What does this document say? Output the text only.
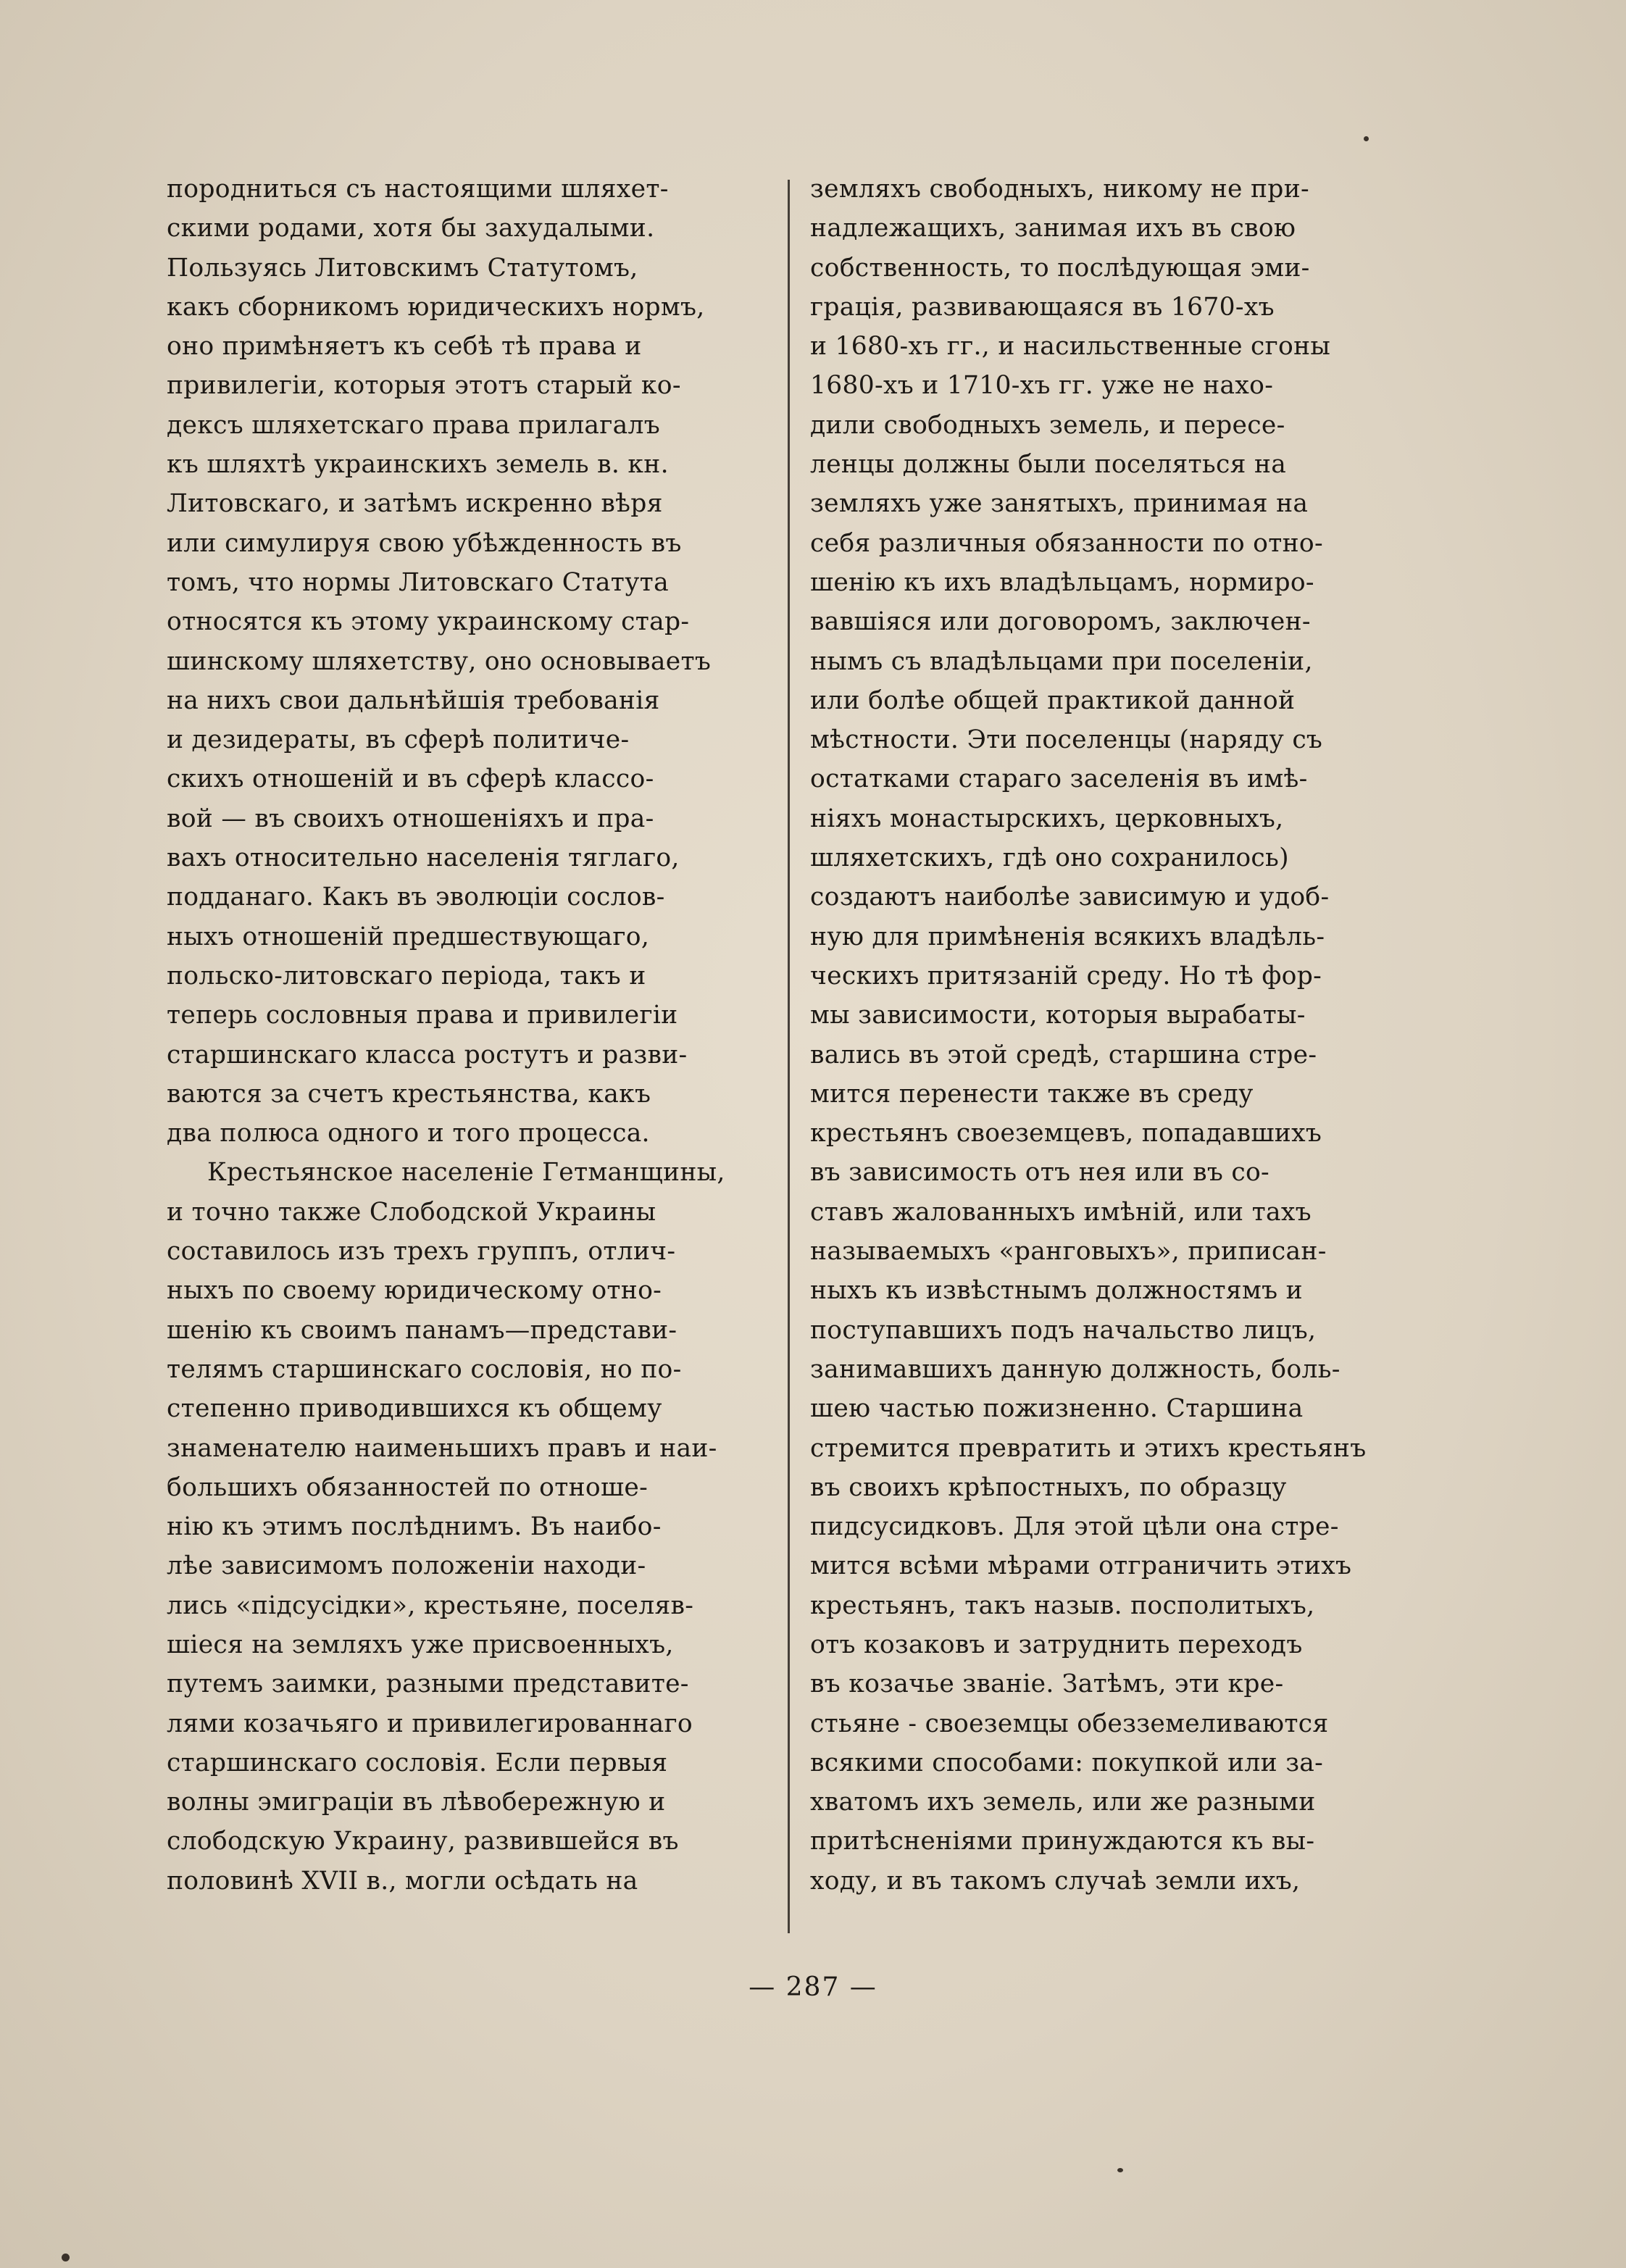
породниться съ настоящими шляхет-
скими родами, хотя бы захудалыми.
Пользуясь Литовскимъ Статутомъ,
какъ сборникомъ юридическихъ нормъ,
оно примѣняетъ къ себѣ тѣ права и
привилегіи, которыя этотъ старый ко-
дексъ шляхетскаго права прилагалъ
къ шляхтѣ украинскихъ земель в. кн.
Литовскаго, и затѣмъ искренно вѣря
или симулируя свою убѣжденность въ
томъ, что нормы Литовскаго Статута
относятся къ этому украинскому стар-
шинскому шляхетству, оно основываетъ
на нихъ свои дальнѣйшія требованія
и дезидераты, въ сферѣ политиче-
скихъ отношеній и въ сферѣ классо-
вой — въ своихъ отношеніяхъ и пра-
вахъ относительно населенія тяглаго,
подданаго. Какъ въ эволюціи сослов-
ныхъ отношеній предшествующаго,
польско-литовскаго періода, такъ и
теперь сословныя права и привилегіи
старшинскаго класса ростутъ и разви-
ваются за счетъ крестьянства, какъ
два полюса одного и того процесса.
Крестьянское населеніе Гетманщины,
и точно также Слободской Украины
составилось изъ трехъ группъ, отлич-
ныхъ по своему юридическому отно-
шенію къ своимъ панамъ—представи-
телямъ старшинскаго сословія, но по-
степенно приводившихся къ общему
знаменателю наименьшихъ правъ и наи-
большихъ обязанностей по отноше-
нію къ этимъ послѣднимъ. Въ наибо-
лѣе зависимомъ положеніи находи-
лись «підсусідки», крестьяне, поселяв-
шіеся на земляхъ уже присвоенныхъ,
путемъ заимки, разными представите-
лями козачьяго и привилегированнаго
старшинскаго сословія. Если первыя
волны эмиграціи въ лѣвобережную и
слободскую Украину, развившейся въ
половинѣ XVII в., могли осѣдать на
земляхъ свободныхъ, никому не при-
надлежащихъ, занимая ихъ въ свою
собственность, то послѣдующая эми-
грація, развивающаяся въ 1670-хъ
и 1680-хъ гг., и насильственные сгоны
1680-хъ и 1710-хъ гг. уже не нахо-
дили свободныхъ земель, и пересе-
ленцы должны были поселяться на
земляхъ уже занятыхъ, принимая на
себя различныя обязанности по отно-
шенію къ ихъ владѣльцамъ, нормиро-
вавшіяся или договоромъ, заключен-
нымъ съ владѣльцами при поселеніи,
или болѣе общей практикой данной
мѣстности. Эти поселенцы (наряду съ
остатками стараго заселенія въ имѣ-
ніяхъ монастырскихъ, церковныхъ,
шляхетскихъ, гдѣ оно сохранилось)
создаютъ наиболѣе зависимую и удоб-
ную для примѣненія всякихъ владѣль-
ческихъ притязаній среду. Но тѣ фор-
мы зависимости, которыя вырабаты-
вались въ этой средѣ, старшина стре-
мится перенести также въ среду
крестьянъ своеземцевъ, попадавшихъ
въ зависимость отъ нея или въ со-
ставъ жалованныхъ имѣній, или тахъ
называемыхъ «ранговыхъ», приписан-
ныхъ къ извѣстнымъ должностямъ и
поступавшихъ подъ начальство лицъ,
занимавшихъ данную должность, боль-
шею частью пожизненно. Старшина
стремится превратить и этихъ крестьянъ
въ своихъ крѣпостныхъ, по образцу
пидсусидковъ. Для этой цѣли она стре-
мится всѣми мѣрами отграничить этихъ
крестьянъ, такъ назыв. посполитыхъ,
отъ козаковъ и затруднить переходъ
въ козачье званіе. Затѣмъ, эти кре-
стьяне - своеземцы обезземеливаются
всякими способами: покупкой или за-
хватомъ ихъ земель, или же разными
притѣсненіями принуждаются къ вы-
ходу, и въ такомъ случаѣ земли ихъ,
— 287 —
